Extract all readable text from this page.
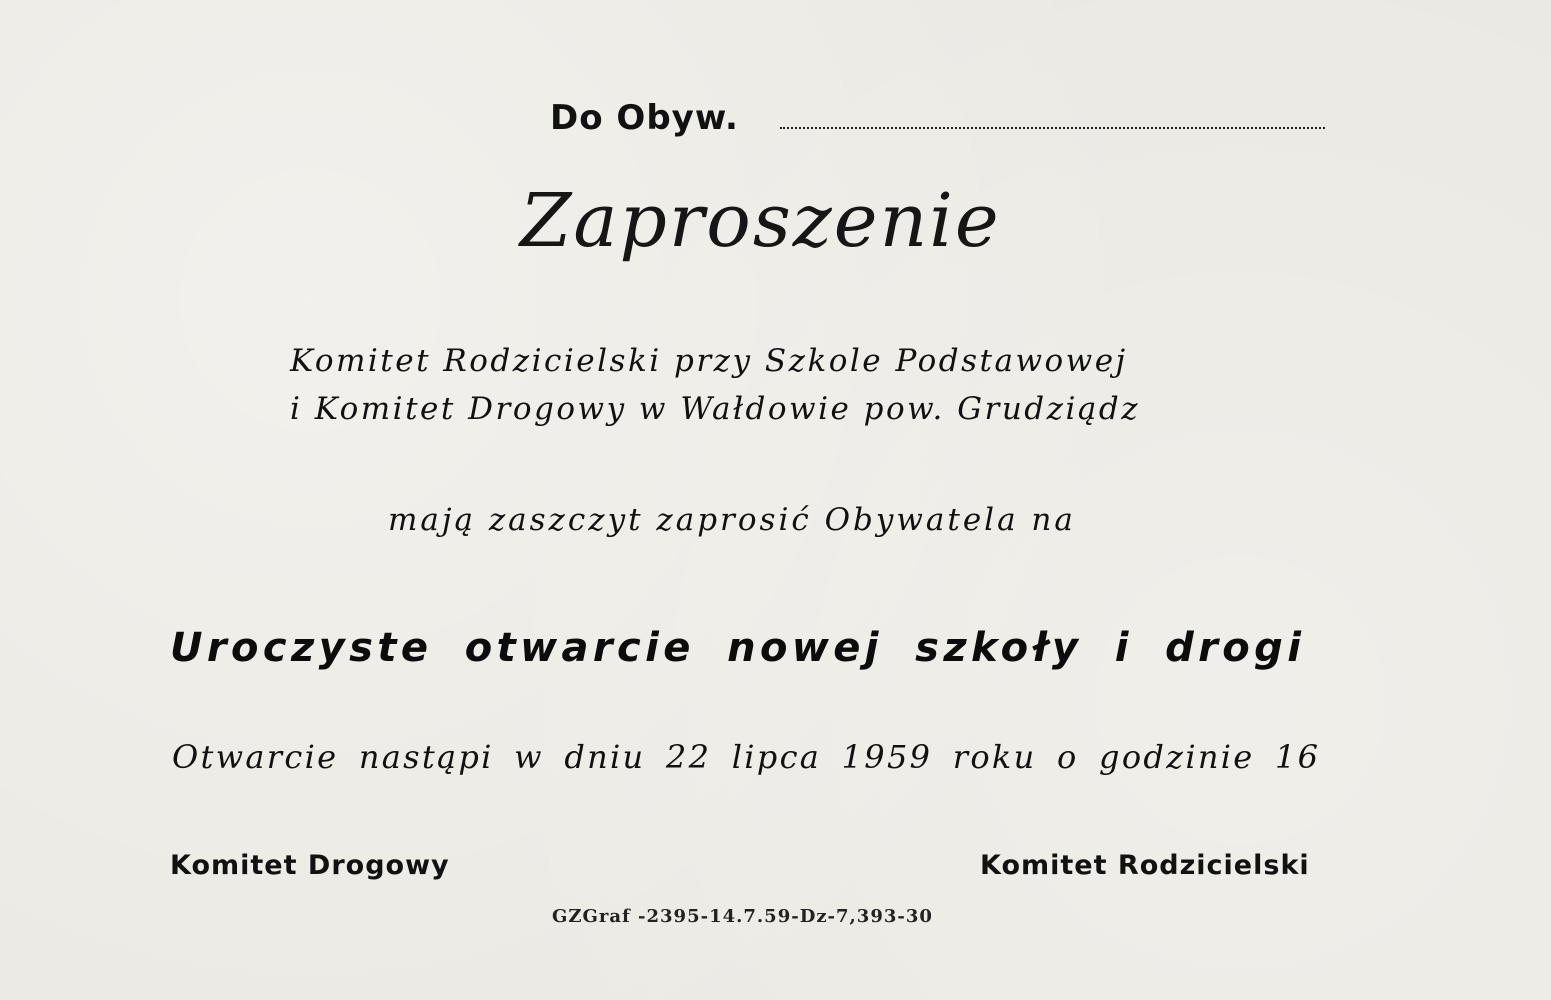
Do Obyw.
Zaproszenie
Komitet Rodzicielski przy Szkole Podstawowej
i Komitet Drogowy w Wałdowie pow. Grudziądz
mają zaszczyt zaprosić Obywatela na
Uroczyste otwarcie nowej szkoły i drogi
Otwarcie nastąpi w dniu 22 lipca 1959 roku o godzinie 16
Komitet Drogowy	Komitet Rodzicielski
GZGraf -2395-14.7.59-Dz-7,393-30
